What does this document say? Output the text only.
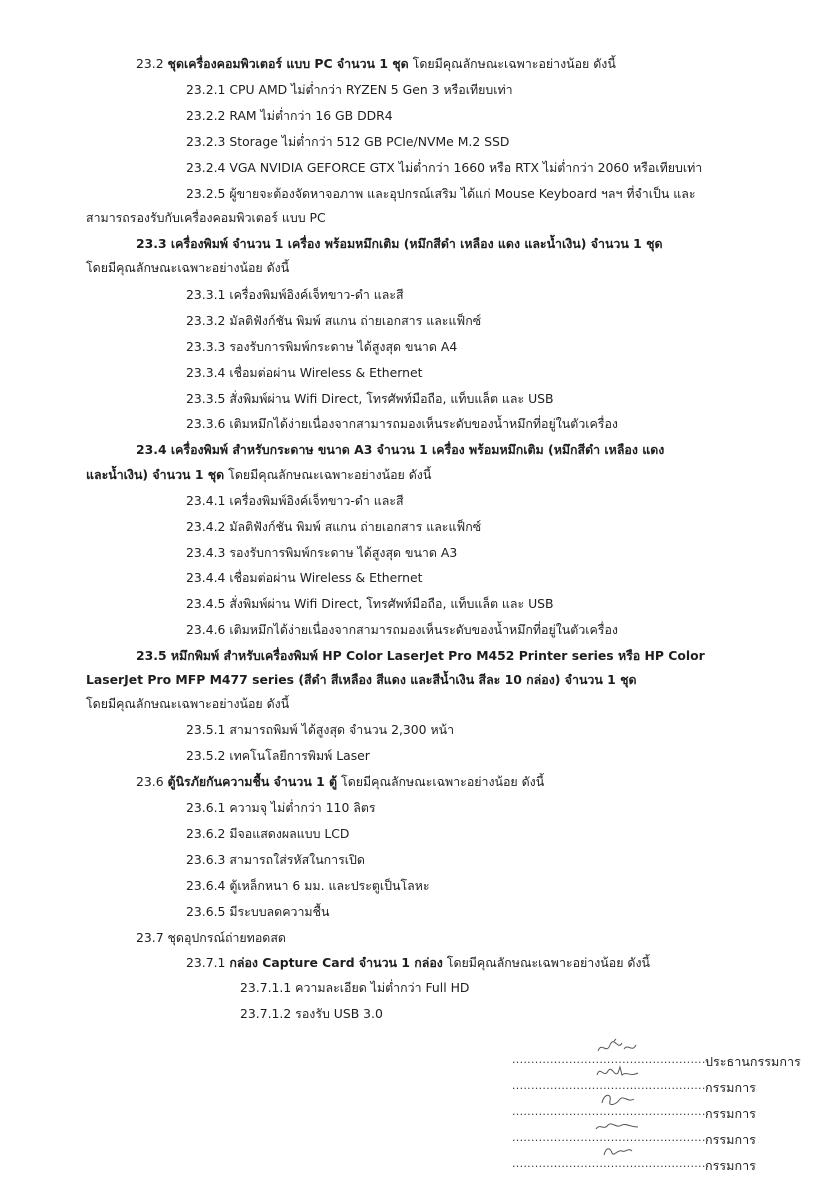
23.2 ชุดเครื่องคอมพิวเตอร์ แบบ PC จำนวน 1 ชุด โดยมีคุณลักษณะเฉพาะอย่างน้อย ดังนี้
23.2.1 CPU AMD ไม่ต่ำกว่า RYZEN 5 Gen 3 หรือเทียบเท่า
23.2.2 RAM ไม่ต่ำกว่า 16 GB DDR4
23.2.3 Storage ไม่ต่ำกว่า 512 GB PCIe/NVMe M.2 SSD
23.2.4 VGA NVIDIA GEFORCE GTX ไม่ต่ำกว่า 1660 หรือ RTX ไม่ต่ำกว่า 2060 หรือเทียบเท่า
23.2.5 ผู้ขายจะต้องจัดหาจอภาพ และอุปกรณ์เสริม ได้แก่ Mouse Keyboard ฯลฯ ที่จำเป็น และ
สามารถรองรับกับเครื่องคอมพิวเตอร์ แบบ PC
23.3 เครื่องพิมพ์ จำนวน 1 เครื่อง พร้อมหมึกเติม (หมึกสีดำ เหลือง แดง และน้ำเงิน) จำนวน 1 ชุด
โดยมีคุณลักษณะเฉพาะอย่างน้อย ดังนี้
23.3.1 เครื่องพิมพ์อิงค์เจ็ทขาว-ดำ และสี
23.3.2 มัลติฟังก์ชัน พิมพ์ สแกน ถ่ายเอกสาร และแฟ็กซ์
23.3.3 รองรับการพิมพ์กระดาษ ได้สูงสุด ขนาด A4
23.3.4 เชื่อมต่อผ่าน Wireless & Ethernet
23.3.5 สั่งพิมพ์ผ่าน Wifi Direct, โทรศัพท์มือถือ, แท็บแล็ต และ USB
23.3.6 เติมหมึกได้ง่ายเนื่องจากสามารถมองเห็นระดับของน้ำหมึกที่อยู่ในตัวเครื่อง
23.4 เครื่องพิมพ์ สำหรับกระดาษ ขนาด A3 จำนวน 1 เครื่อง พร้อมหมึกเติม (หมึกสีดำ เหลือง แดง
และน้ำเงิน) จำนวน 1 ชุด โดยมีคุณลักษณะเฉพาะอย่างน้อย ดังนี้
23.4.1 เครื่องพิมพ์อิงค์เจ็ทขาว-ดำ และสี
23.4.2 มัลติฟังก์ชัน พิมพ์ สแกน ถ่ายเอกสาร และแฟ็กซ์
23.4.3 รองรับการพิมพ์กระดาษ ได้สูงสุด ขนาด A3
23.4.4 เชื่อมต่อผ่าน Wireless & Ethernet
23.4.5 สั่งพิมพ์ผ่าน Wifi Direct, โทรศัพท์มือถือ, แท็บแล็ต และ USB
23.4.6 เติมหมึกได้ง่ายเนื่องจากสามารถมองเห็นระดับของน้ำหมึกที่อยู่ในตัวเครื่อง
23.5 หมึกพิมพ์ สำหรับเครื่องพิมพ์ HP Color LaserJet Pro M452 Printer series หรือ HP Color
LaserJet Pro MFP M477 series (สีดำ สีเหลือง สีแดง และสีน้ำเงิน สีละ 10 กล่อง) จำนวน 1 ชุด
โดยมีคุณลักษณะเฉพาะอย่างน้อย ดังนี้
23.5.1 สามารถพิมพ์ ได้สูงสุด จำนวน 2,300 หน้า
23.5.2 เทคโนโลยีการพิมพ์ Laser
23.6 ตู้นิรภัยกันความชื้น จำนวน 1 ตู้ โดยมีคุณลักษณะเฉพาะอย่างน้อย ดังนี้
23.6.1 ความจุ ไม่ต่ำกว่า 110 ลิตร
23.6.2 มีจอแสดงผลแบบ LCD
23.6.3 สามารถใส่รหัสในการเปิด
23.6.4 ตู้เหล็กหนา 6 มม. และประตูเป็นโลหะ
23.6.5 มีระบบลดความชื้น
23.7 ชุดอุปกรณ์ถ่ายทอดสด
23.7.1 กล่อง Capture Card จำนวน 1 กล่อง โดยมีคุณลักษณะเฉพาะอย่างน้อย ดังนี้
23.7.1.1 ความละเอียด ไม่ต่ำกว่า Full HD
23.7.1.2 รองรับ USB 3.0
....................................................
ประธานกรรมการ
....................................................
กรรมการ
....................................................
กรรมการ
....................................................
กรรมการ
....................................................
กรรมการ
